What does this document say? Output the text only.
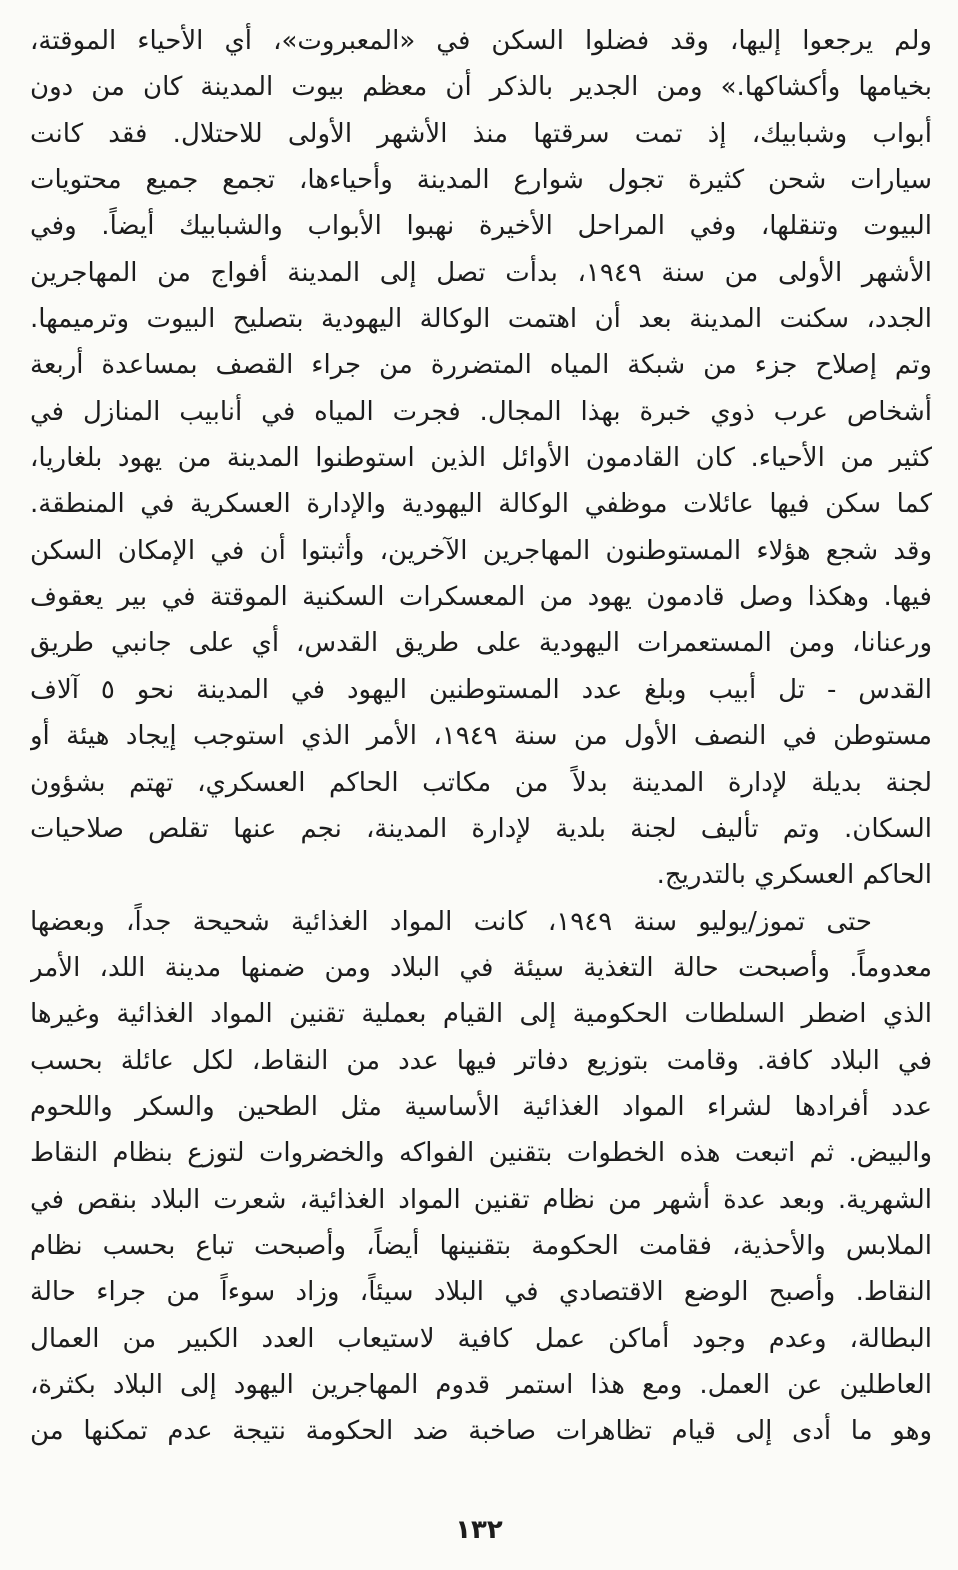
ولم يرجعوا إليها، وقد فضلوا السكن في «المعبروت»، أي الأحياء الموقتة،
بخيامها وأكشاكها.» ومن الجدير بالذكر أن معظم بيوت المدينة كان من دون
أبواب وشبابيك، إذ تمت سرقتها منذ الأشهر الأولى للاحتلال. فقد كانت
سيارات شحن كثيرة تجول شوارع المدينة وأحياءها، تجمع جميع محتويات
البيوت وتنقلها، وفي المراحل الأخيرة نهبوا الأبواب والشبابيك أيضاً. وفي
الأشهر الأولى من سنة ١٩٤٩، بدأت تصل إلى المدينة أفواج من المهاجرين
الجدد، سكنت المدينة بعد أن اهتمت الوكالة اليهودية بتصليح البيوت وترميمها.
وتم إصلاح جزء من شبكة المياه المتضررة من جراء القصف بمساعدة أربعة
أشخاص عرب ذوي خبرة بهذا المجال. فجرت المياه في أنابيب المنازل في
كثير من الأحياء. كان القادمون الأوائل الذين استوطنوا المدينة من يهود بلغاريا،
كما سكن فيها عائلات موظفي الوكالة اليهودية والإدارة العسكرية في المنطقة.
وقد شجع هؤلاء المستوطنون المهاجرين الآخرين، وأثبتوا أن في الإمكان السكن
فيها. وهكذا وصل قادمون يهود من المعسكرات السكنية الموقتة في بير يعقوف
ورعنانا، ومن المستعمرات اليهودية على طريق القدس، أي على جانبي طريق
القدس - تل أبيب وبلغ عدد المستوطنين اليهود في المدينة نحو ٥ آلاف
مستوطن في النصف الأول من سنة ١٩٤٩، الأمر الذي استوجب إيجاد هيئة أو
لجنة بديلة لإدارة المدينة بدلاً من مكاتب الحاكم العسكري، تهتم بشؤون
السكان. وتم تأليف لجنة بلدية لإدارة المدينة، نجم عنها تقلص صلاحيات
الحاكم العسكري بالتدريج.
حتى تموز/يوليو سنة ١٩٤٩، كانت المواد الغذائية شحيحة جداً، وبعضها
معدوماً. وأصبحت حالة التغذية سيئة في البلاد ومن ضمنها مدينة اللد، الأمر
الذي اضطر السلطات الحكومية إلى القيام بعملية تقنين المواد الغذائية وغيرها
في البلاد كافة. وقامت بتوزيع دفاتر فيها عدد من النقاط، لكل عائلة بحسب
عدد أفرادها لشراء المواد الغذائية الأساسية مثل الطحين والسكر واللحوم
والبيض. ثم اتبعت هذه الخطوات بتقنين الفواكه والخضروات لتوزع بنظام النقاط
الشهرية. وبعد عدة أشهر من نظام تقنين المواد الغذائية، شعرت البلاد بنقص في
الملابس والأحذية، فقامت الحكومة بتقنينها أيضاً، وأصبحت تباع بحسب نظام
النقاط. وأصبح الوضع الاقتصادي في البلاد سيئاً، وزاد سوءاً من جراء حالة
البطالة، وعدم وجود أماكن عمل كافية لاستيعاب العدد الكبير من العمال
العاطلين عن العمل. ومع هذا استمر قدوم المهاجرين اليهود إلى البلاد بكثرة،
وهو ما أدى إلى قيام تظاهرات صاخبة ضد الحكومة نتيجة عدم تمكنها من
١٣٢
